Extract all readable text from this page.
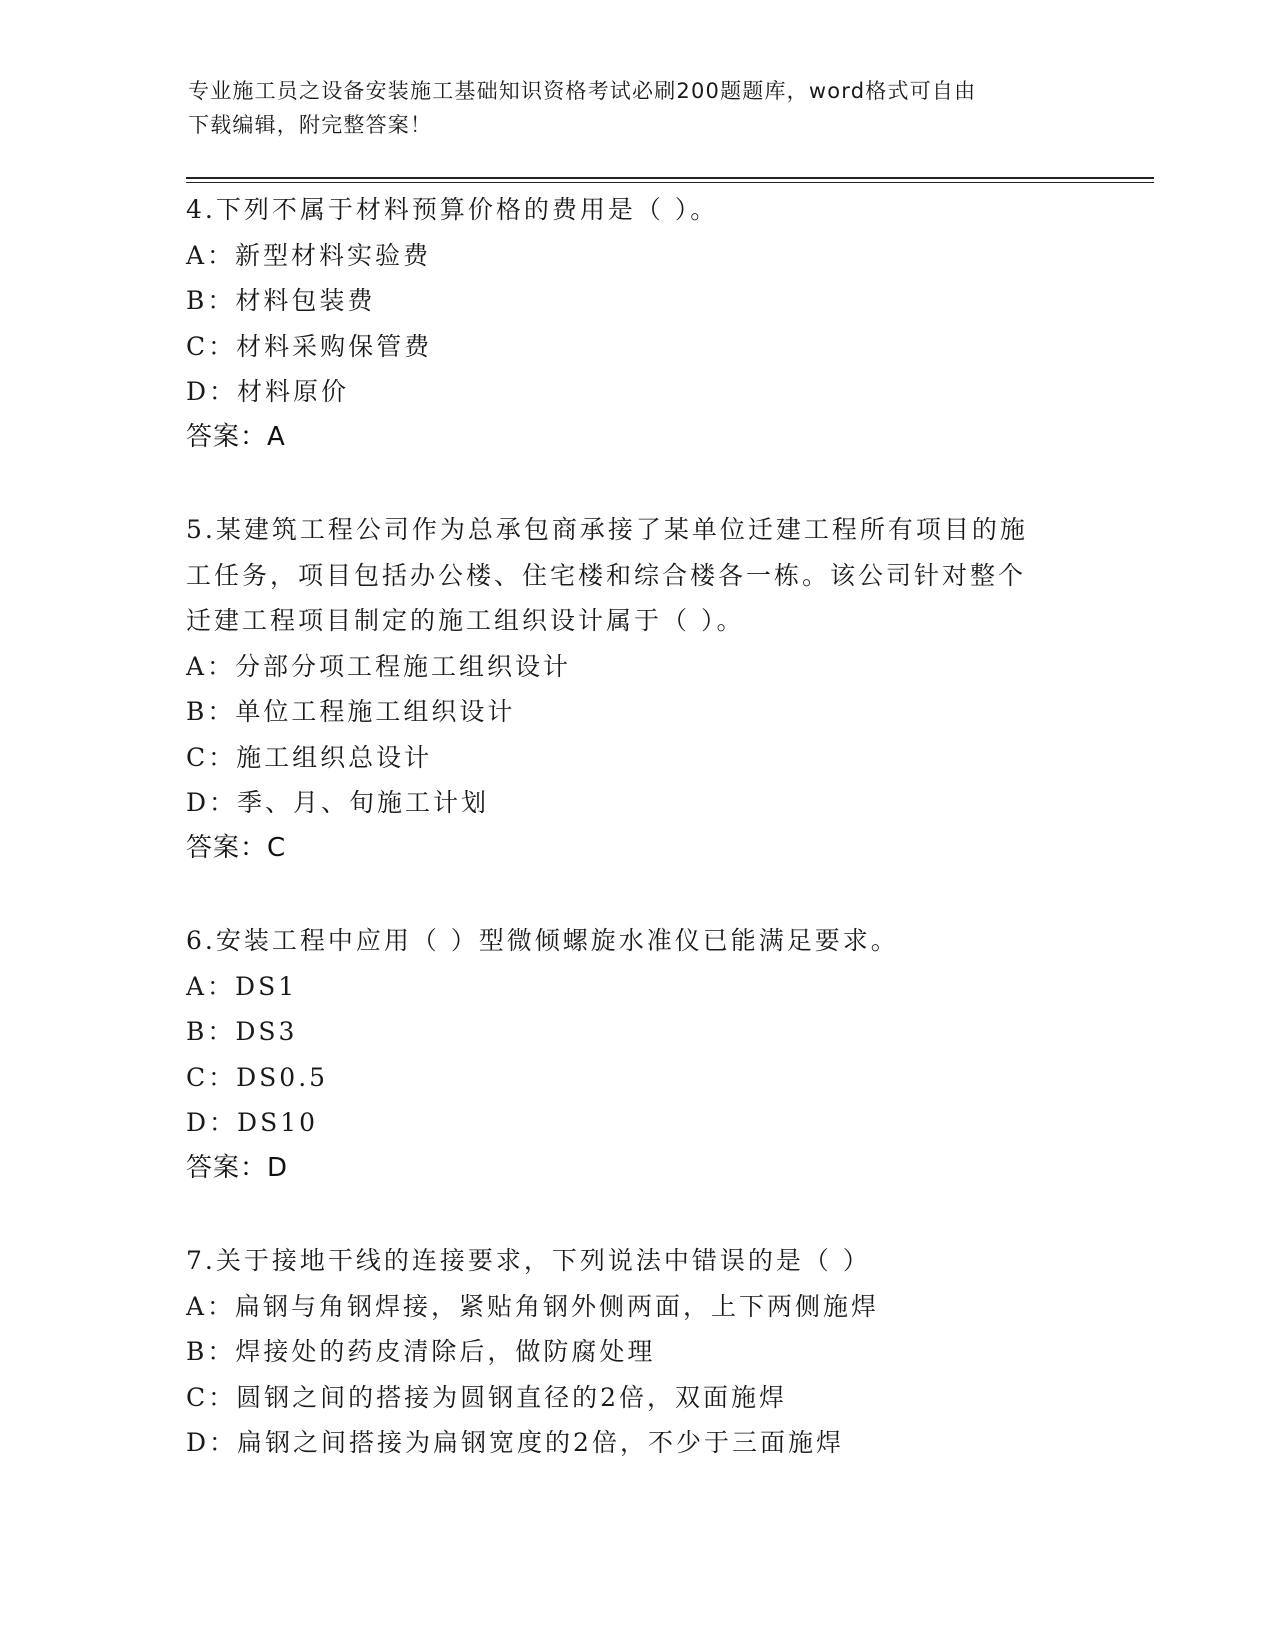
专业施工员之设备安装施工基础知识资格考试必刷200题题库，word格式可自由
下载编辑，附完整答案！
4.下列不属于材料预算价格的费用是（ ）。
A：新型材料实验费
B：材料包装费
C：材料采购保管费
D：材料原价
答案：A
5.某建筑工程公司作为总承包商承接了某单位迁建工程所有项目的施
工任务，项目包括办公楼、住宅楼和综合楼各一栋。该公司针对整个
迁建工程项目制定的施工组织设计属于（ ）。
A：分部分项工程施工组织设计
B：单位工程施工组织设计
C：施工组织总设计
D：季、月、旬施工计划
答案：C
6.安装工程中应用（ ）型微倾螺旋水准仪已能满足要求。
A：DS1
B：DS3
C：DS0.5
D：DS10
答案：D
7.关于接地干线的连接要求，下列说法中错误的是（ ）
A：扁钢与角钢焊接，紧贴角钢外侧两面，上下两侧施焊
B：焊接处的药皮清除后，做防腐处理
C：圆钢之间的搭接为圆钢直径的2倍，双面施焊
D：扁钢之间搭接为扁钢宽度的2倍，不少于三面施焊
